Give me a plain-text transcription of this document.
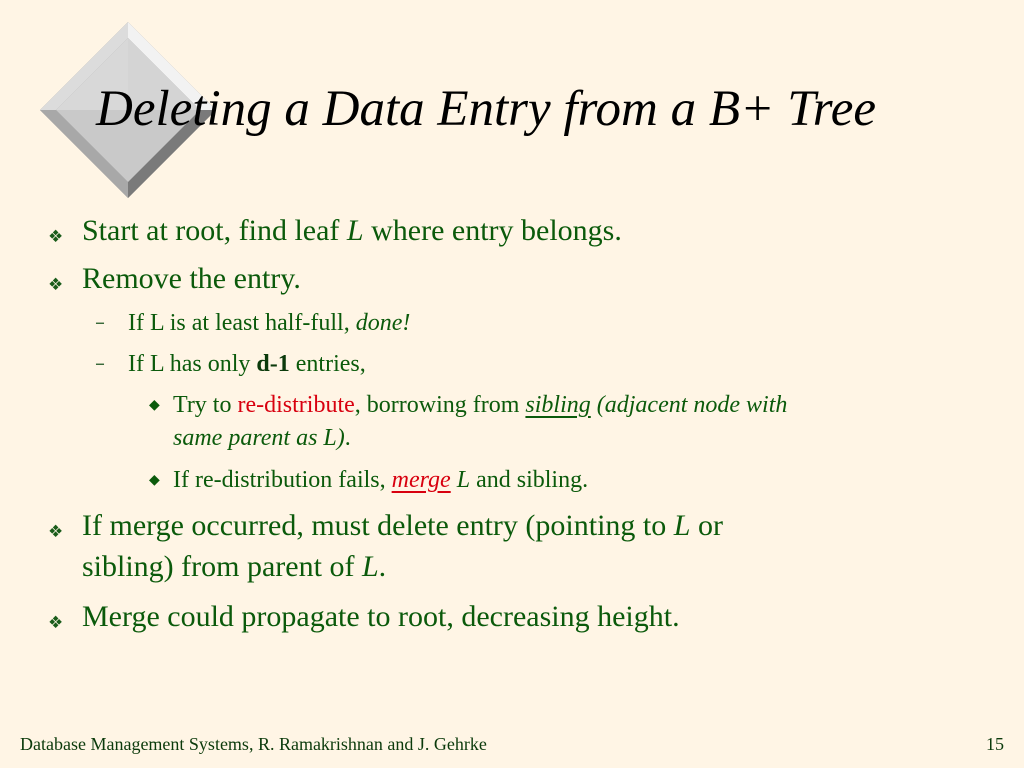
Deleting a Data Entry from a B+ Tree
❖ Start at root, find leaf L where entry belongs.
❖ Remove the entry.
– If L is at least half-full, done!
– If L has only d-1 entries,
◆ Try to re-distribute, borrowing from sibling (adjacent node with
same parent as L).
◆ If re-distribution fails, merge L and sibling.
❖ If merge occurred, must delete entry (pointing to L or
sibling) from parent of L.
❖ Merge could propagate to root, decreasing height.
Database Management Systems, R. Ramakrishnan and J. Gehrke	15
